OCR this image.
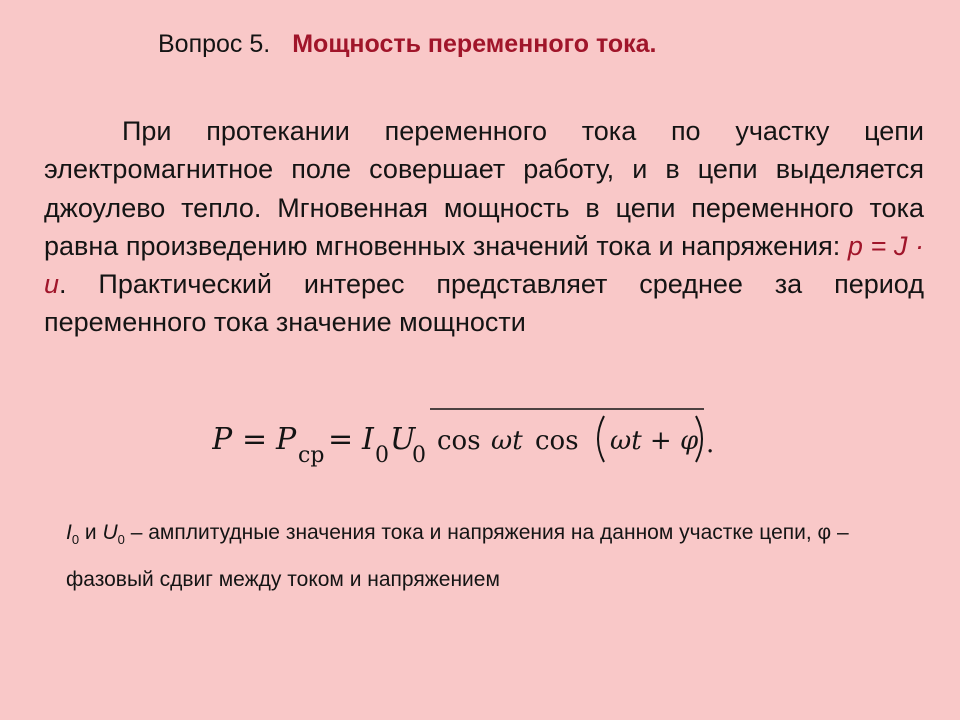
Вопрос 5. Мощность переменного тока.

При протекании переменного тока по участку цепи электромагнитное поле совершает работу, и в цепи выделяется джоулево тепло. Мгновенная мощность в цепи переменного тока равна произведению мгновенных значений тока и напряжения: p = J · u. Практический интерес представляет среднее за период переменного тока значение мощности

P = P ср = I 0 U
0 cos ωt cos ωt + φ .

$I_0$ и $U_0$ – амплитудные значения тока и напряжения на данном участке цепи, φ – фазовый сдвиг между током и напряжением
